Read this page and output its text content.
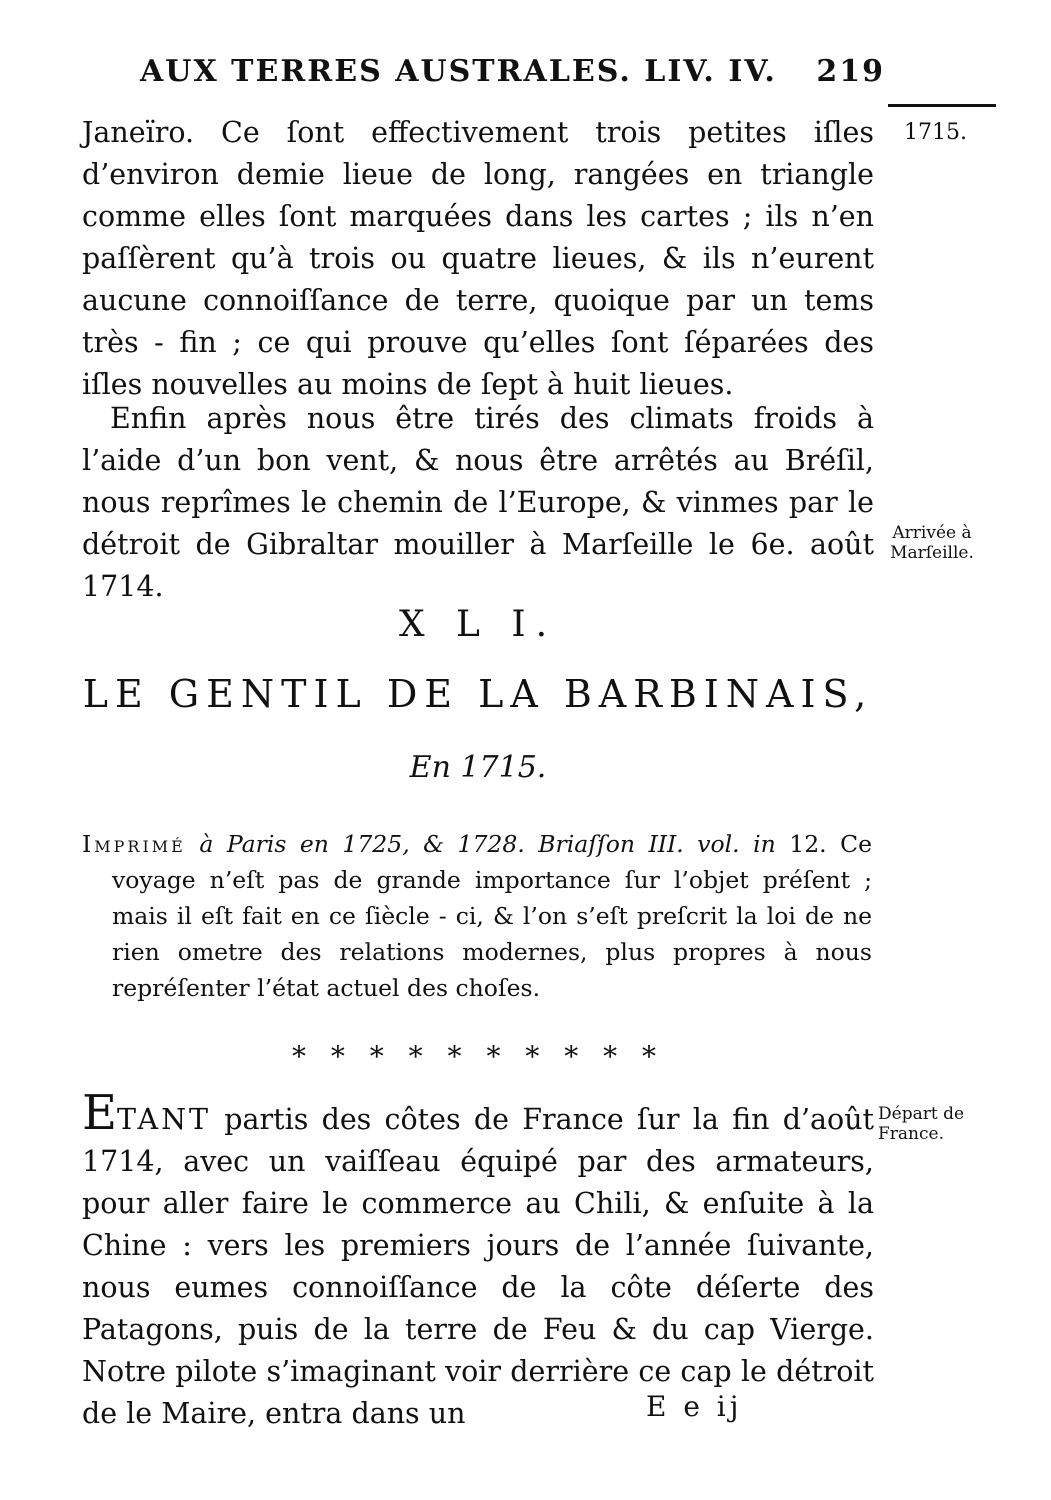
AUX TERRES AUSTRALES. LIV. IV. 219
1715.
Janeïro. Ce ſont effectivement trois petites iſles d’environ demie lieue de long, rangées en triangle comme elles ſont marquées dans les cartes ; ils n’en paſſèrent qu’à trois ou quatre lieues, & ils n’eurent aucune connoiſſance de terre, quoique par un tems très - fin ; ce qui prouve qu’elles ſont ſéparées des iſles nouvelles au moins de ſept à huit lieues.
Enfin après nous être tirés des climats froids à l’aide d’un bon vent, & nous être arrêtés au Bréſil, nous reprîmes le chemin de l’Europe, & vinmes par le détroit de Gibraltar mouiller à Marſeille le 6e. août 1714.
Arrivée à Marſeille.
X L I.
LE GENTIL DE LA BARBINAIS,
En 1715.
Imprimé à Paris en 1725, & 1728. Briaſſon III. vol. in 12. Ce voyage n’eſt pas de grande importance ſur l’objet préſent ; mais il eſt fait en ce ſiècle - ci, & l’on s’eſt preſcrit la loi de ne rien ometre des relations modernes, plus propres à nous repréſenter l’état actuel des choſes.
* * * * * * * * * *
ETANT partis des côtes de France ſur la fin d’août 1714, avec un vaiſſeau équipé par des armateurs, pour aller faire le commerce au Chili, & enſuite à la Chine : vers les premiers jours de l’année ſuivante, nous eumes connoiſſance de la côte déſerte des Patagons, puis de la terre de Feu & du cap Vierge. Notre pilote s’imaginant voir derrière ce cap le détroit de le Maire, entra dans un
Départ de France.
E e ij
